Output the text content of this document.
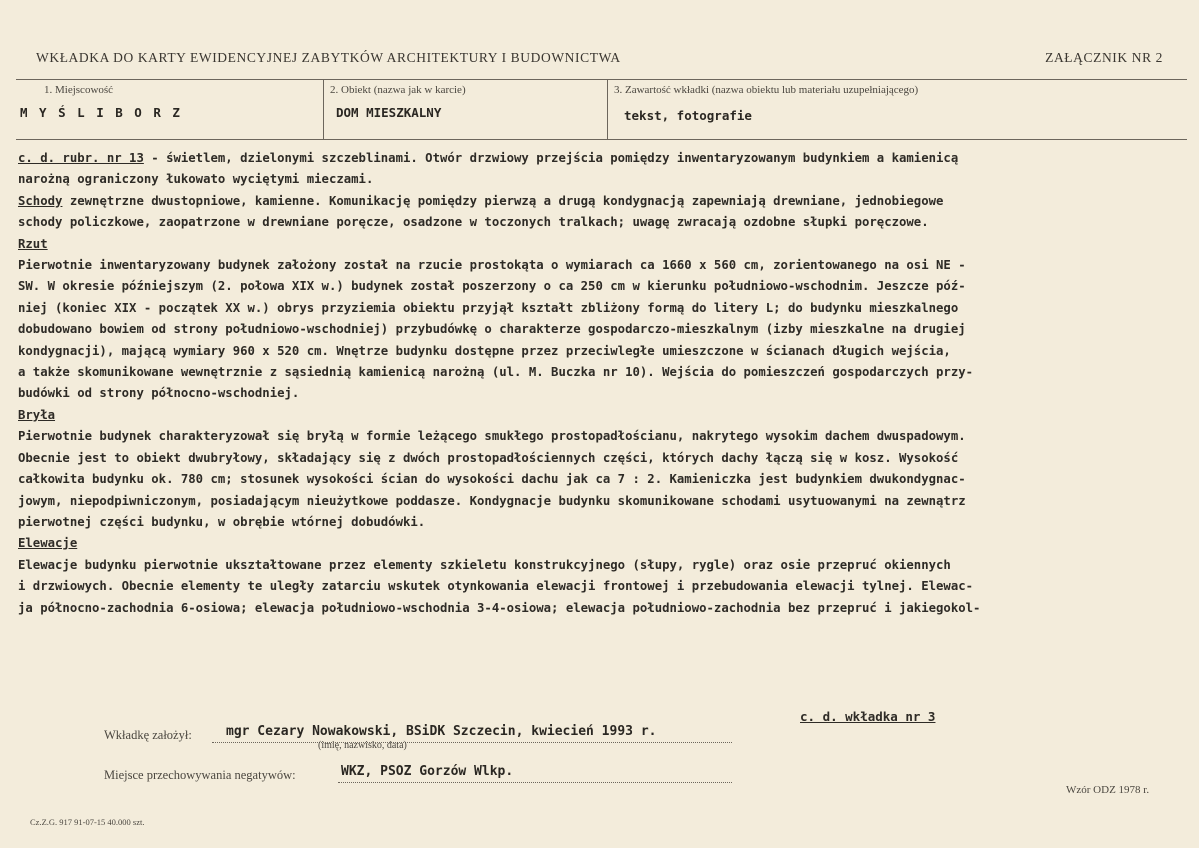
WKŁADKA DO KARTY EWIDENCYJNEJ ZABYTKÓW ARCHITEKTURY I BUDOWNICTWA	ZAŁĄCZNIK NR 2
1. Miejscowość
M Y Ś L I B O R Z
2. Obiekt (nazwa jak w karcie)
DOM MIESZKALNY
3. Zawartość wkładki (nazwa obiektu lub materiału uzupełniającego)
tekst, fotografie
c. d. rubr. nr 13 - świetlem, dzielonymi szczeblinami. Otwór drzwiowy przejścia pomiędzy inwentaryzowanym budynkiem a kamienicą
narożną ograniczony łukowato wyciętymi mieczami.
Schody zewnętrzne dwustopniowe, kamienne. Komunikację pomiędzy pierwzą a drugą kondygnacją zapewniają drewniane, jednobiegowe
schody policzkowe, zaopatrzone w drewniane poręcze, osadzone w toczonych tralkach; uwagę zwracają ozdobne słupki poręczowe.
Rzut
Pierwotnie inwentaryzowany budynek założony został na rzucie prostokąta o wymiarach ca 1660 x 560 cm, zorientowanego na osi NE -
SW. W okresie późniejszym (2. połowa XIX w.) budynek został poszerzony o ca 250 cm w kierunku południowo-wschodnim. Jeszcze póź-
niej (koniec XIX - początek XX w.) obrys przyziemia obiektu przyjął kształt zbliżony formą do litery L; do budynku mieszkalnego
dobudowano bowiem od strony południowo-wschodniej) przybudówkę o charakterze gospodarczo-mieszkalnym (izby mieszkalne na drugiej
kondygnacji), mającą wymiary 960 x 520 cm. Wnętrze budynku dostępne przez przeciwległe umieszczone w ścianach długich wejścia,
a także skomunikowane wewnętrznie z sąsiednią kamienicą narożną (ul. M. Buczka nr 10). Wejścia do pomieszczeń gospodarczych przy-
budówki od strony północno-wschodniej.
Bryła
Pierwotnie budynek charakteryzował się bryłą w formie leżącego smukłego prostopadłościanu, nakrytego wysokim dachem dwuspadowym.
Obecnie jest to obiekt dwubryłowy, składający się z dwóch prostopadłościennych części, których dachy łączą się w kosz. Wysokość
całkowita budynku ok. 780 cm; stosunek wysokości ścian do wysokości dachu jak ca 7 : 2. Kamieniczka jest budynkiem dwukondygnac-
jowym, niepodpiwniczonym, posiadającym nieużytkowe poddasze. Kondygnacje budynku skomunikowane schodami usytuowanymi na zewnątrz
pierwotnej części budynku, w obrębie wtórnej dobudówki.
Elewacje
Elewacje budynku pierwotnie ukształtowane przez elementy szkieletu konstrukcyjnego (słupy, rygle) oraz osie przepruć okiennych
i drzwiowych. Obecnie elementy te uległy zatarciu wskutek otynkowania elewacji frontowej i przebudowania elewacji tylnej. Elewac-
ja północno-zachodnia 6-osiowa; elewacja południowo-wschodnia 3-4-osiowa; elewacja południowo-zachodnia bez przepruć i jakiegokol-
c. d. wkładka nr 3
Wkładkę założył:	mgr Cezary Nowakowski, BSiDK Szczecin, kwiecień 1993 r.
(imię, nazwisko, data)
Miejsce przechowywania negatywów:	WKZ, PSOZ Gorzów Wlkp.
Cz.Z.G. 917 91-07-15 40.000 szt.
Wzór ODZ 1978 r.
